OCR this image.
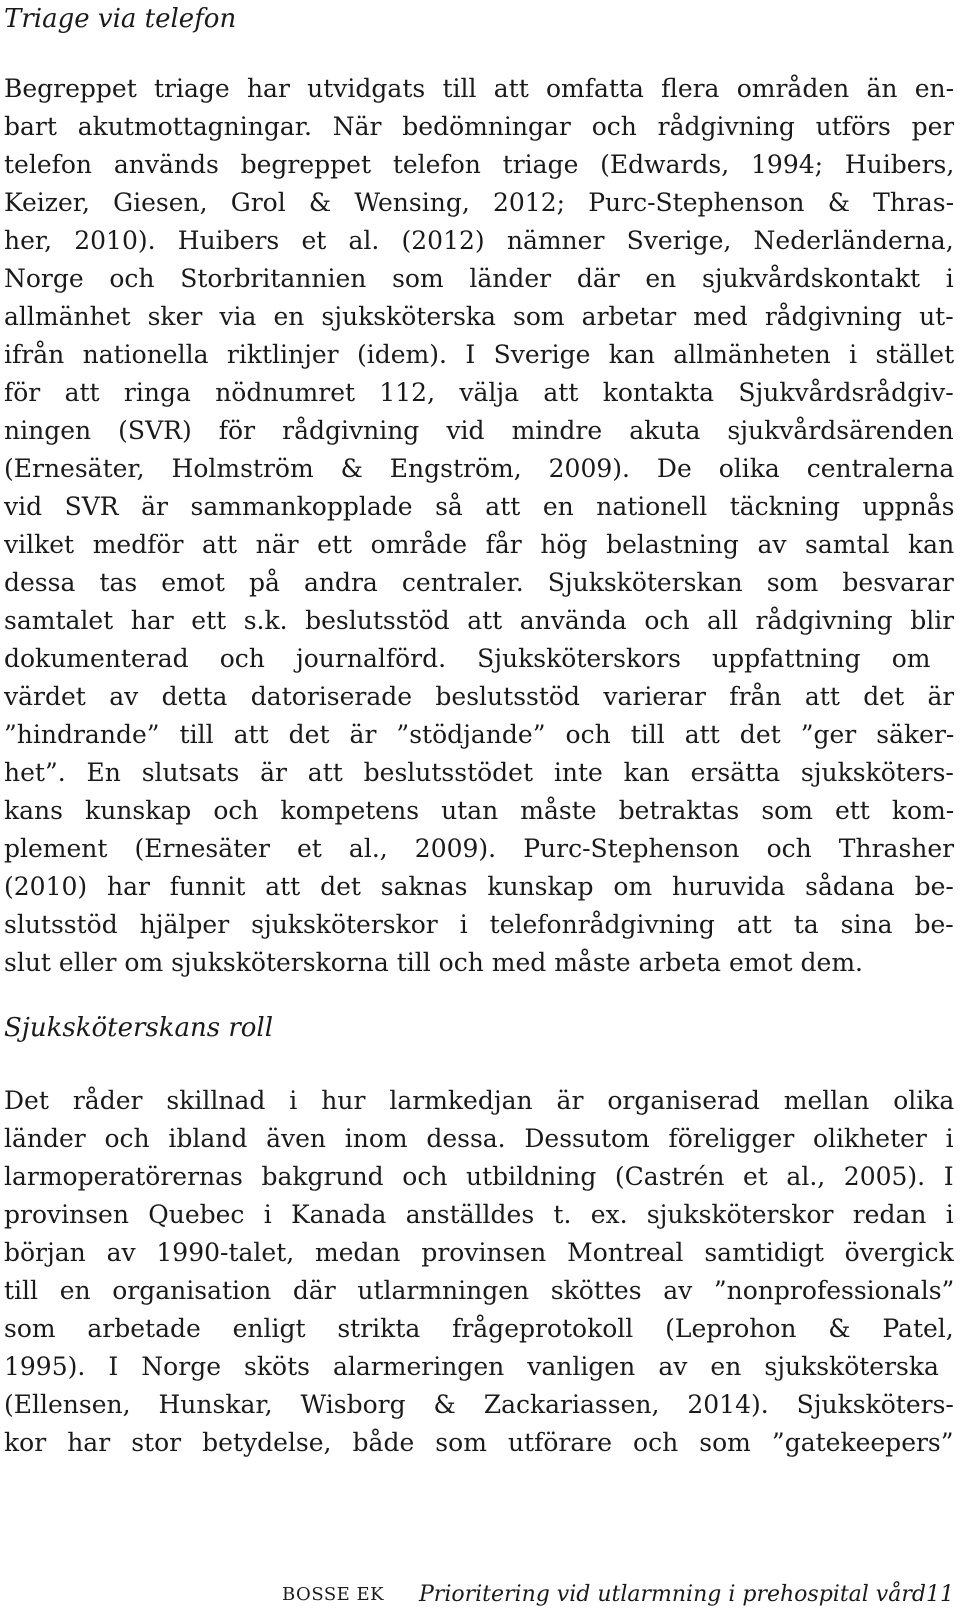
Triage via telefon
Begreppet triage har utvidgats till att omfatta flera områden än en-
bart akutmottagningar. När bedömningar och rådgivning utförs per
telefon används begreppet telefon triage (Edwards, 1994; Huibers,
Keizer, Giesen, Grol & Wensing, 2012; Purc-Stephenson & Thras-
her, 2010). Huibers et al. (2012) nämner Sverige, Nederländerna,
Norge och Storbritannien som länder där en sjukvårdskontakt i
allmänhet sker via en sjuksköterska som arbetar med rådgivning ut-
ifrån nationella riktlinjer (idem). I Sverige kan allmänheten i stället
för att ringa nödnumret 112, välja att kontakta Sjukvårdsrådgiv-
ningen (SVR) för rådgivning vid mindre akuta sjukvårdsärenden
(Ernesäter, Holmström & Engström, 2009). De olika centralerna
vid SVR är sammankopplade så att en nationell täckning uppnås
vilket medför att när ett område får hög belastning av samtal kan
dessa tas emot på andra centraler. Sjuksköterskan som besvarar
samtalet har ett s.k. beslutsstöd att använda och all rådgivning blir
dokumenterad och journalförd. Sjuksköterskors uppfattning om
värdet av detta datoriserade beslutsstöd varierar från att det är
”hindrande” till att det är ”stödjande” och till att det ”ger säker-
het”. En slutsats är att beslutsstödet inte kan ersätta sjuksköters-
kans kunskap och kompetens utan måste betraktas som ett kom-
plement (Ernesäter et al., 2009). Purc-Stephenson och Thrasher
(2010) har funnit att det saknas kunskap om huruvida sådana be-
slutsstöd hjälper sjuksköterskor i telefonrådgivning att ta sina be-
slut eller om sjuksköterskorna till och med måste arbeta emot dem.
Sjuksköterskans roll
Det råder skillnad i hur larmkedjan är organiserad mellan olika
länder och ibland även inom dessa. Dessutom föreligger olikheter i
larmoperatörernas bakgrund och utbildning (Castrén et al., 2005). I
provinsen Quebec i Kanada anställdes t. ex. sjuksköterskor redan i
början av 1990-talet, medan provinsen Montreal samtidigt övergick
till en organisation där utlarmningen sköttes av ”nonprofessionals”
som arbetade enligt strikta frågeprotokoll (Leprohon & Patel,
1995). I Norge sköts alarmeringen vanligen av en sjuksköterska
(Ellensen, Hunskar, Wisborg & Zackariassen, 2014). Sjuksköters-
kor har stor betydelse, både som utförare och som ”gatekeepers”
BOSSE EK Prioritering vid utlarmning i prehospital vård 11
